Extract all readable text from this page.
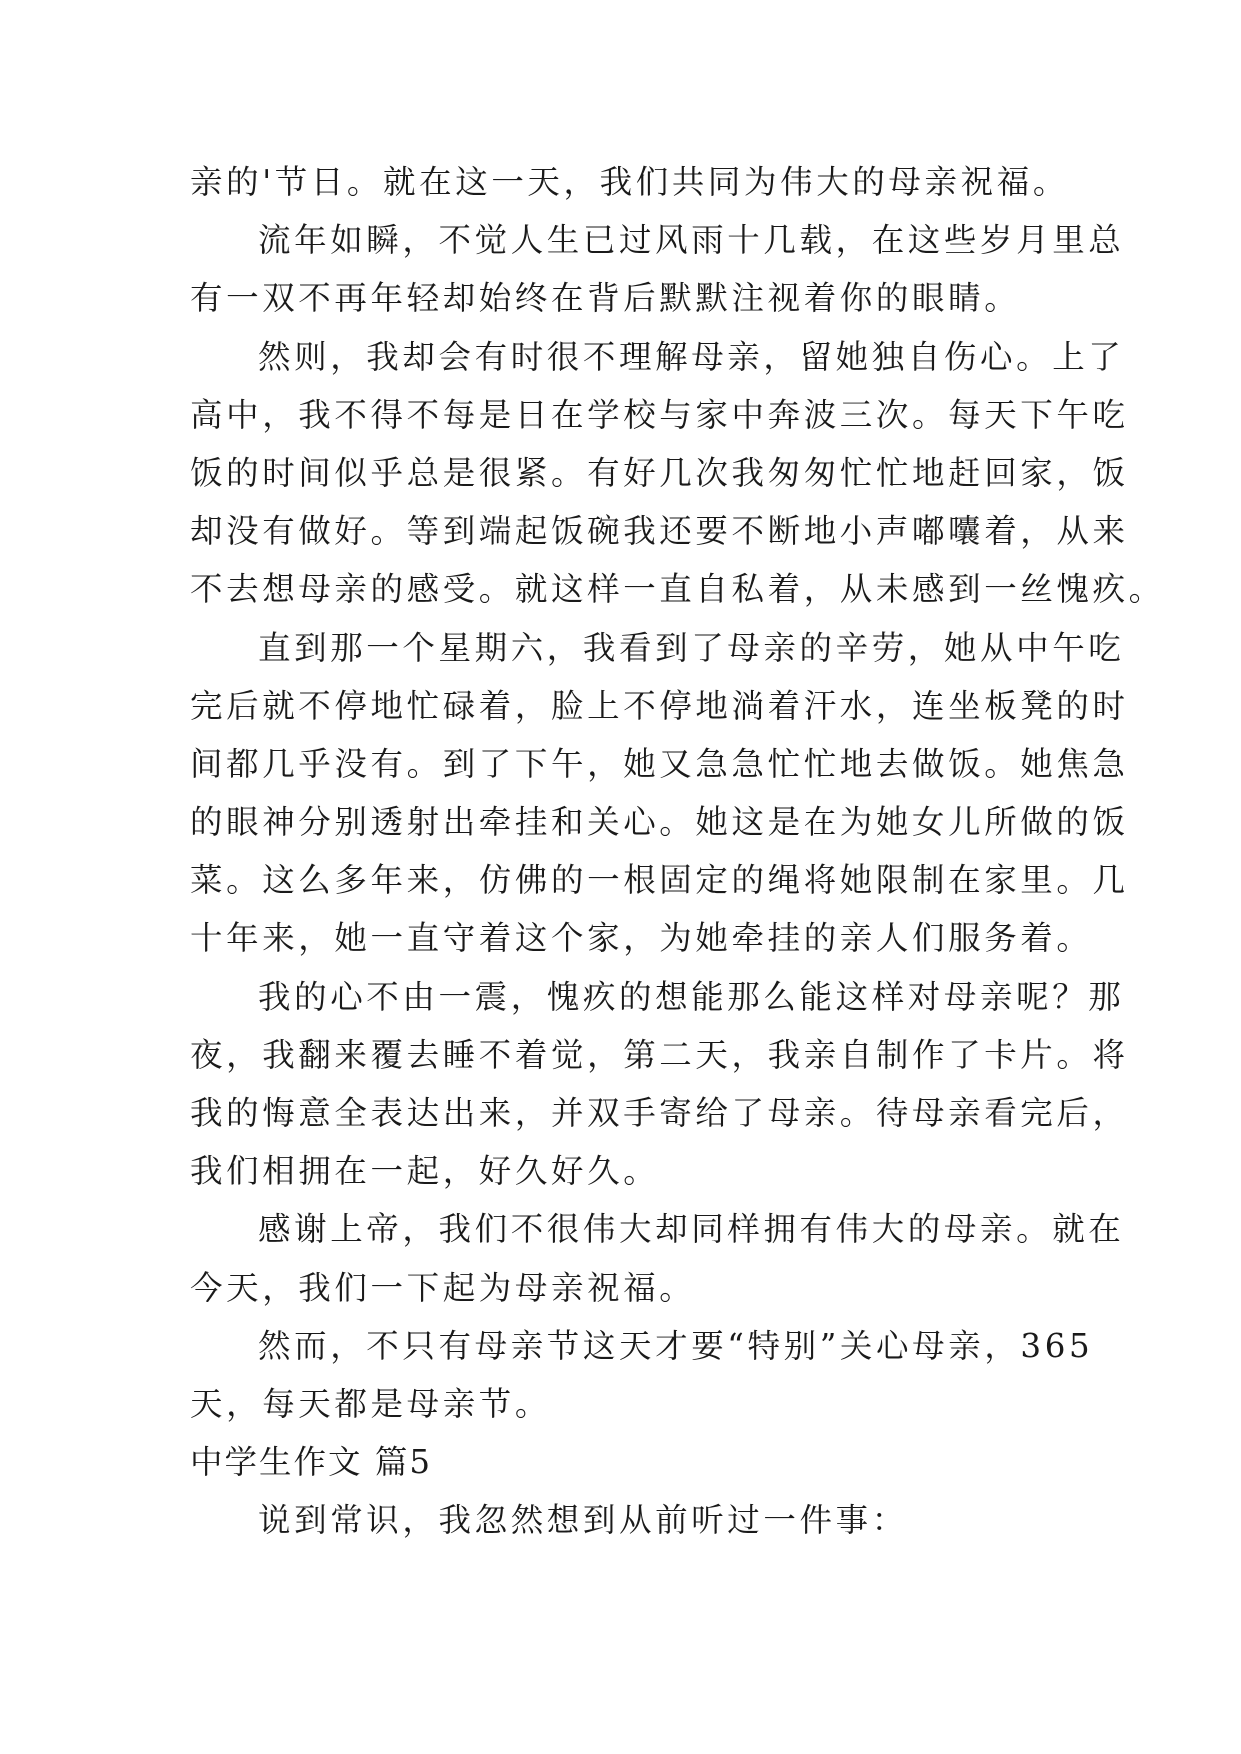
亲的'节日。就在这一天，我们共同为伟大的母亲祝福。
流年如瞬，不觉人生已过风雨十几载，在这些岁月里总
有一双不再年轻却始终在背后默默注视着你的眼睛。
然则，我却会有时很不理解母亲，留她独自伤心。上了
高中，我不得不每是日在学校与家中奔波三次。每天下午吃
饭的时间似乎总是很紧。有好几次我匆匆忙忙地赶回家，饭
却没有做好。等到端起饭碗我还要不断地小声嘟囔着，从来
不去想母亲的感受。就这样一直自私着，从未感到一丝愧疚。
直到那一个星期六，我看到了母亲的辛劳，她从中午吃
完后就不停地忙碌着，脸上不停地淌着汗水，连坐板凳的时
间都几乎没有。到了下午，她又急急忙忙地去做饭。她焦急
的眼神分别透射出牵挂和关心。她这是在为她女儿所做的饭
菜。这么多年来，仿佛的一根固定的绳将她限制在家里。几
十年来，她一直守着这个家，为她牵挂的亲人们服务着。
我的心不由一震，愧疚的想能那么能这样对母亲呢？那
夜，我翻来覆去睡不着觉，第二天，我亲自制作了卡片。将
我的悔意全表达出来，并双手寄给了母亲。待母亲看完后，
我们相拥在一起，好久好久。
感谢上帝，我们不很伟大却同样拥有伟大的母亲。就在
今天，我们一下起为母亲祝福。
然而，不只有母亲节这天才要“特别”关心母亲，365
天，每天都是母亲节。
中学生作文 篇5
说到常识，我忽然想到从前听过一件事：
